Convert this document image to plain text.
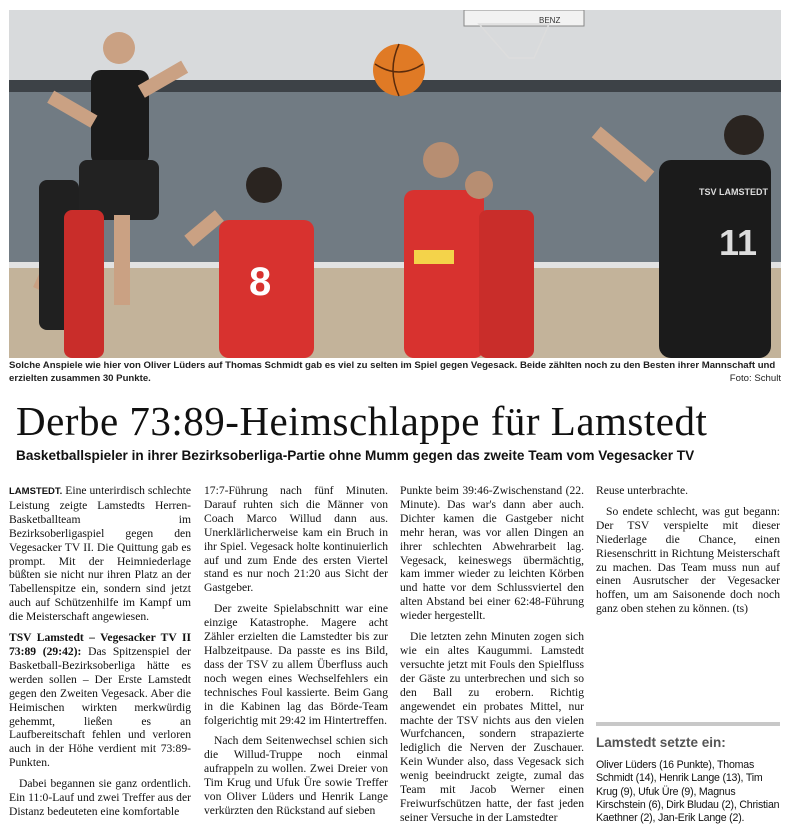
BENZ
8
TSV LAMSTEDT
11
Solche Anspiele wie hier von Oliver Lüders auf Thomas Schmidt gab es viel zu selten im Spiel gegen Vegesack. Beide zählten noch zu den Besten ihrer Mannschaft und erzielten zusammen 30 Punkte.	Foto: Schult
Derbe 73:89-Heimschlappe für Lamstedt
Basketballspieler in ihrer Bezirksoberliga-Partie ohne Mumm gegen das zweite Team vom Vegesacker TV

LAMSTEDT. Eine unterirdisch schlechte Leistung zeigte Lamstedts Herren-Basketballteam im Bezirksoberligaspiel gegen den Vegesacker TV II. Die Quittung gab es prompt. Mit der Heimniederlage büßten sie nicht nur ihren Platz an der Tabellenspitze ein, sondern sind jetzt auch auf Schützenhilfe im Kampf um die Meisterschaft angewiesen.

TSV Lamstedt – Vegesacker TV II 73:89 (29:42): Das Spitzenspiel der Basketball-Bezirksoberliga hätte es werden sollen – Der Erste Lamstedt gegen den Zweiten Vegesack. Aber die Heimischen wirkten merkwürdig gehemmt, ließen es an Laufbereitschaft fehlen und verloren auch in der Höhe verdient mit 73:89-Punkten.

Dabei begannen sie ganz ordentlich. Ein 11:0-Lauf und zwei Treffer aus der Distanz bedeuteten eine komfortable

17:7-Führung nach fünf Minuten. Darauf ruhten sich die Männer von Coach Marco Willud dann aus. Unerklärlicherweise kam ein Bruch in ihr Spiel. Vegesack holte kontinuierlich auf und zum Ende des ersten Viertel stand es nur noch 21:20 aus Sicht der Gastgeber.

Der zweite Spielabschnitt war eine einzige Katastrophe. Magere acht Zähler erzielten die Lamstedter bis zur Halbzeitpause. Da passte es ins Bild, dass der TSV zu allem Überfluss auch noch wegen eines Wechselfehlers ein technisches Foul kassierte. Beim Gang in die Kabinen lag das Börde-Team folgerichtig mit 29:42 im Hintertreffen.

Nach dem Seitenwechsel schien sich die Willud-Truppe noch einmal aufrappeln zu wollen. Zwei Dreier von Tim Krug und Ufuk Üre sowie Treffer von Oliver Lüders und Henrik Lange verkürzten den Rückstand auf sieben

Punkte beim 39:46-Zwischenstand (22. Minute). Das war's dann aber auch. Dichter kamen die Gastgeber nicht mehr heran, was vor allen Dingen an ihrer schlechten Abwehrarbeit lag. Vegesack, keineswegs übermächtig, kam immer wieder zu leichten Körben und hatte vor dem Schlussviertel den alten Abstand bei einer 62:48-Führung wieder hergestellt.

Die letzten zehn Minuten zogen sich wie ein altes Kaugummi. Lamstedt versuchte jetzt mit Fouls den Spielfluss der Gäste zu unterbrechen und sich so den Ball zu erobern. Richtig angewendet ein probates Mittel, nur machte der TSV nichts aus den vielen Wurfchancen, sondern strapazierte lediglich die Nerven der Zuschauer. Kein Wunder also, dass Vegesack sich wenig beeindruckt zeigte, zumal das Team mit Jacob Werner einen Freiwurfschützen hatte, der fast jeden seiner Versuche in der Lamstedter

Reuse unterbrachte.

So endete schlecht, was gut begann: Der TSV verspielte mit dieser Niederlage die Chance, einen Riesenschritt in Richtung Meisterschaft zu machen. Das Team muss nun auf einen Ausrutscher der Vegesacker hoffen, um am Saisonende doch noch ganz oben stehen zu können. (ts)

Lamstedt setzte ein:
Oliver Lüders (16 Punkte), Thomas Schmidt (14), Henrik Lange (13), Tim Krug (9), Ufuk Üre (9), Magnus Kirschstein (6), Dirk Bludau (2), Christian Kaethner (2), Jan-Erik Lange (2).
